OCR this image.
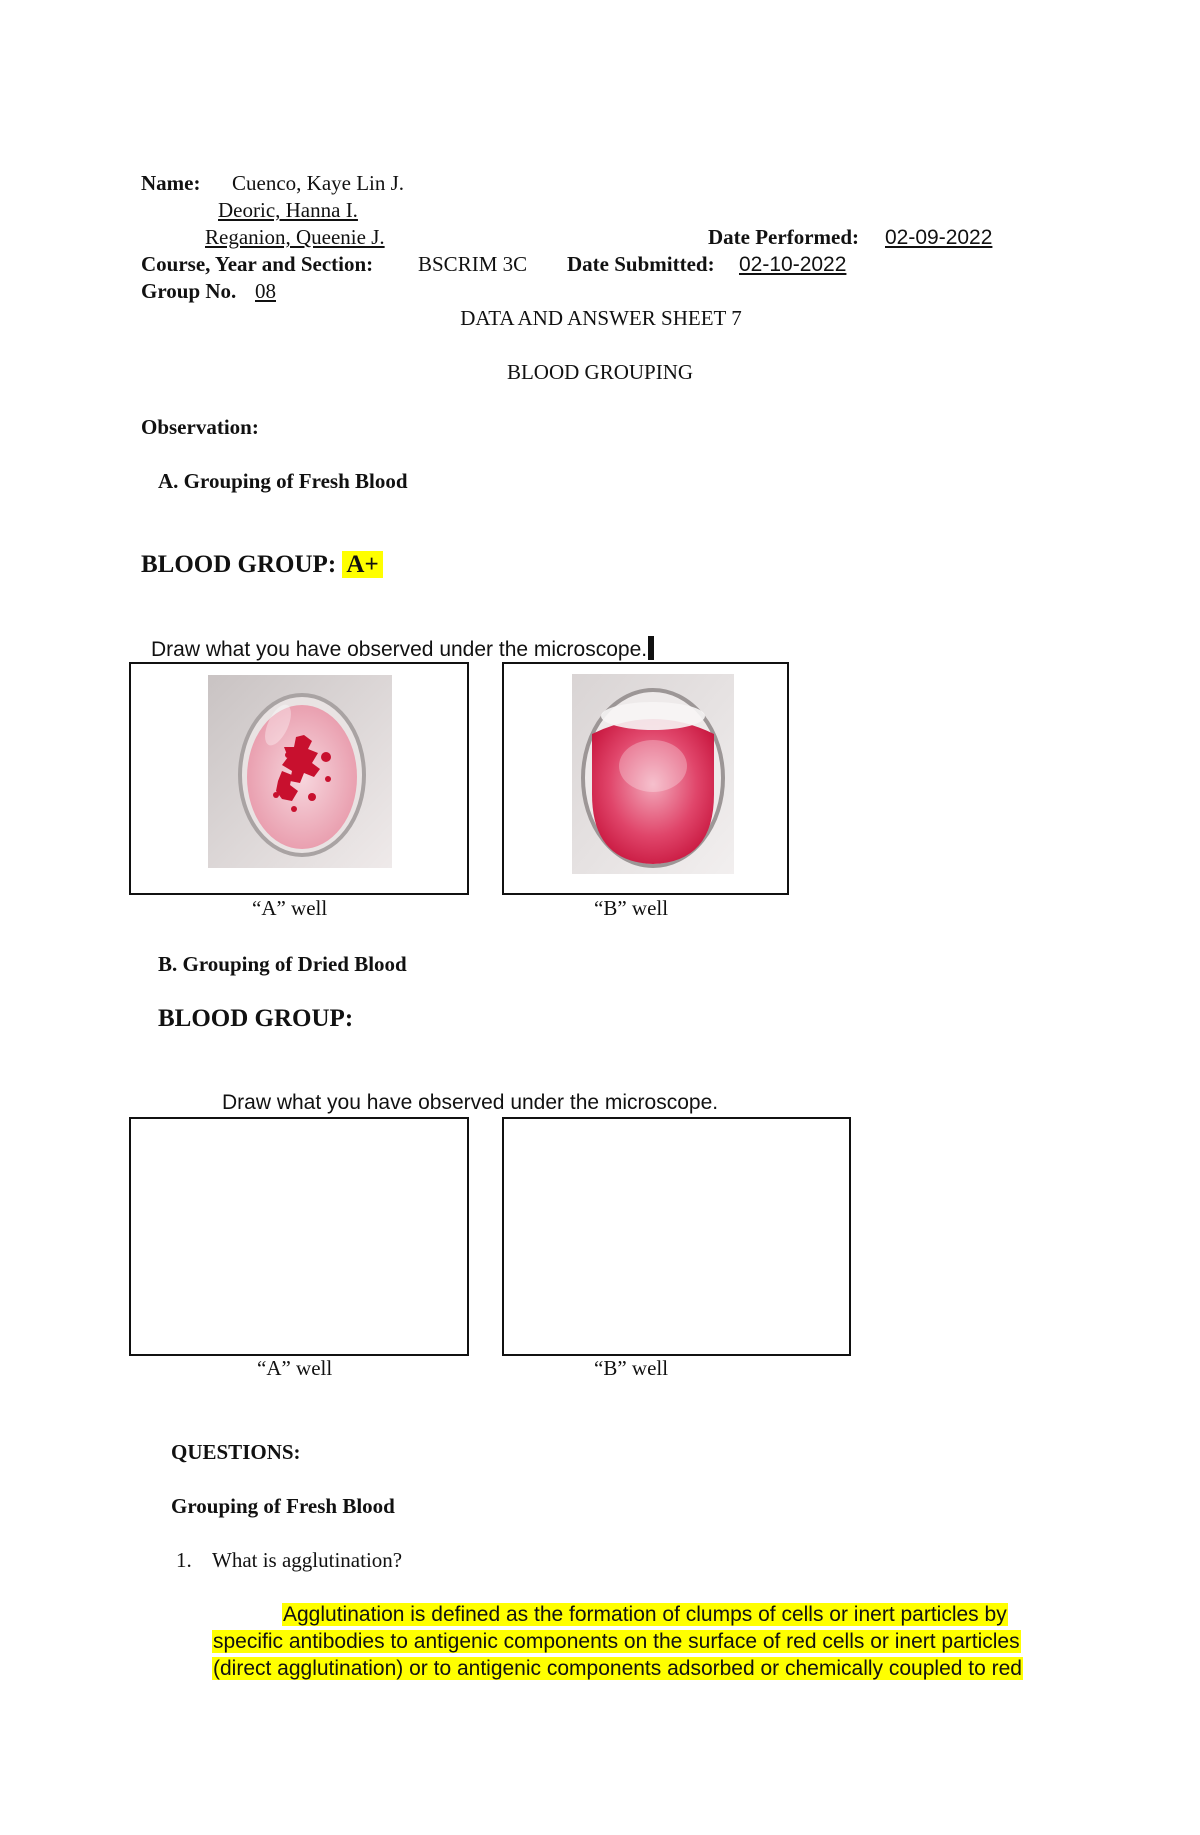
Name: Cuenco, Kaye Lin J.
Deoric, Hanna I.
Reganion, Queenie J.	Date Performed: 02-09-2022
Course, Year and Section: BSCRIM 3C Date Submitted: 02-10-2022
Group No. 08
DATA AND ANSWER SHEET 7
BLOOD GROUPING
Observation:
A. Grouping of Fresh Blood
BLOOD GROUP: A+
Draw what you have observed under the microscope.
“A” well	“B” well
B. Grouping of Dried Blood
BLOOD GROUP:
Draw what you have observed under the microscope.
“A” well	“B” well
QUESTIONS:
Grouping of Fresh Blood
1. What is agglutination?
Agglutination is defined as the formation of clumps of cells or inert particles by
specific antibodies to antigenic components on the surface of red cells or inert particles
(direct agglutination) or to antigenic components adsorbed or chemically coupled to red
